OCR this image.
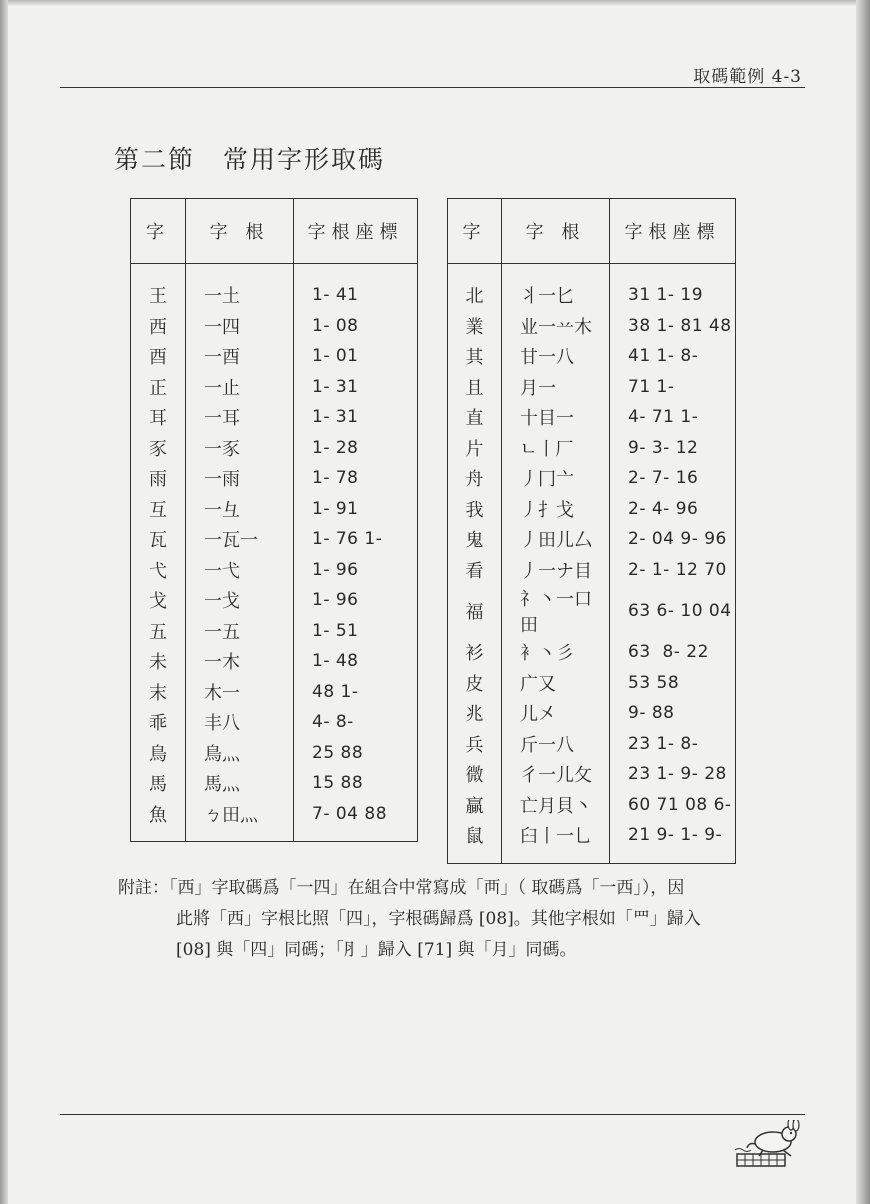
取碼範例 4-3
第二節 常用字形取碼
字	字 根	字根座標
王	一土	1- 41
西	一四	1- 08
酉	一酉	1- 01
正	一止	1- 31
耳	一耳	1- 31
豕	一豕	1- 28
雨	一雨	1- 78
互	一彑	1- 91
瓦	一瓦一	1- 76 1-
弋	一弋	1- 96
戈	一戈	1- 96
五	一五	1- 51
未	一木	1- 48
末	木一	48 1-
乖	丰八	4- 8-
鳥	鳥灬	25 88
馬	馬灬	15 88
魚	ㄅ田灬	7- 04 88
字	字 根	字根座標
北	丬一匕	31 1- 19
業	业一䒑木	38 1- 81 48
其	甘一八	41 1- 8-
且	月一	71 1-
直	十目一	4- 71 1-
片	ㄴ丨厂	9- 3- 12
舟	丿冂亠	2- 7- 16
我	丿扌戈	2- 4- 96
鬼	丿田儿厶	2- 04 9- 96
看	丿一ナ目	2- 1- 12 70
福	礻丶一口田	63 6- 10 04
衫	衤丶彡	63  8- 22
皮	广又	53 58
兆	儿㐅	9- 88
兵	斤一八	23 1- 8-
微	彳一儿攵	23 1- 9- 28
贏	亡月貝丶	60 71 08 6-
鼠	臼丨一乚	21 9- 1- 9-
附註：「西」字取碼爲「一四」在組合中常寫成「襾」（ 取碼爲「一西」），因
此將「西」字根比照「四」，字根碼歸爲 [08]。其他字根如「罒」歸入
[08] 與「四」同碼；「⺼」歸入 [71] 與「月」同碼。
